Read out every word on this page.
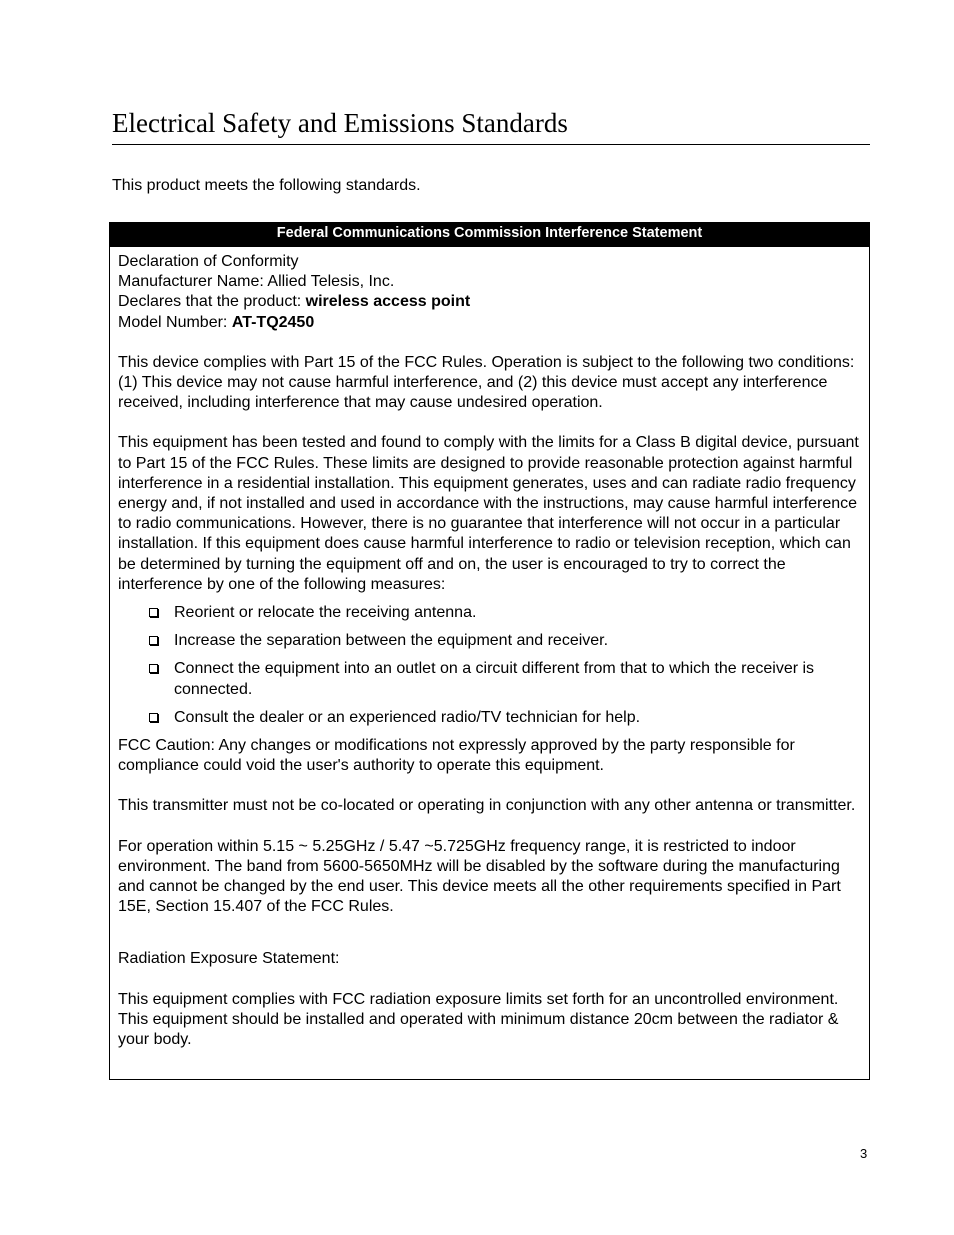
Electrical Safety and Emissions Standards

This product meets the following standards.

Federal Communications Commission Interference Statement
Declaration of Conformity
Manufacturer Name: Allied Telesis, Inc.
Declares that the product: wireless access point
Model Number: AT-TQ2450

This device complies with Part 15 of the FCC Rules. Operation is subject to the following two conditions: (1) This device may not cause harmful interference, and (2) this device must accept any interference received, including interference that may cause undesired operation.

This equipment has been tested and found to comply with the limits for a Class B digital device, pursuant to Part 15 of the FCC Rules. These limits are designed to provide reasonable protection against harmful interference in a residential installation. This equipment generates, uses and can radiate radio frequency energy and, if not installed and used in accordance with the instructions, may cause harmful interference to radio communications. However, there is no guarantee that interference will not occur in a particular installation. If this equipment does cause harmful interference to radio or television reception, which can be determined by turning the equipment off and on, the user is encouraged to try to correct the interference by one of the following measures:

Reorient or relocate the receiving antenna.
Increase the separation between the equipment and receiver.
Connect the equipment into an outlet on a circuit different from that to which the receiver is connected.
Consult the dealer or an experienced radio/TV technician for help.

FCC Caution: Any changes or modifications not expressly approved by the party responsible for compliance could void the user's authority to operate this equipment.

This transmitter must not be co-located or operating in conjunction with any other antenna or transmitter.

For operation within 5.15 ~ 5.25GHz / 5.47 ~5.725GHz frequency range, it is restricted to indoor environment. The band from 5600-5650MHz will be disabled by the software during the manufacturing and cannot be changed by the end user. This device meets all the other requirements specified in Part 15E, Section 15.407 of the FCC Rules.

Radiation Exposure Statement:

This equipment complies with FCC radiation exposure limits set forth for an uncontrolled environment. This equipment should be installed and operated with minimum distance 20cm between the radiator & your body.

3
